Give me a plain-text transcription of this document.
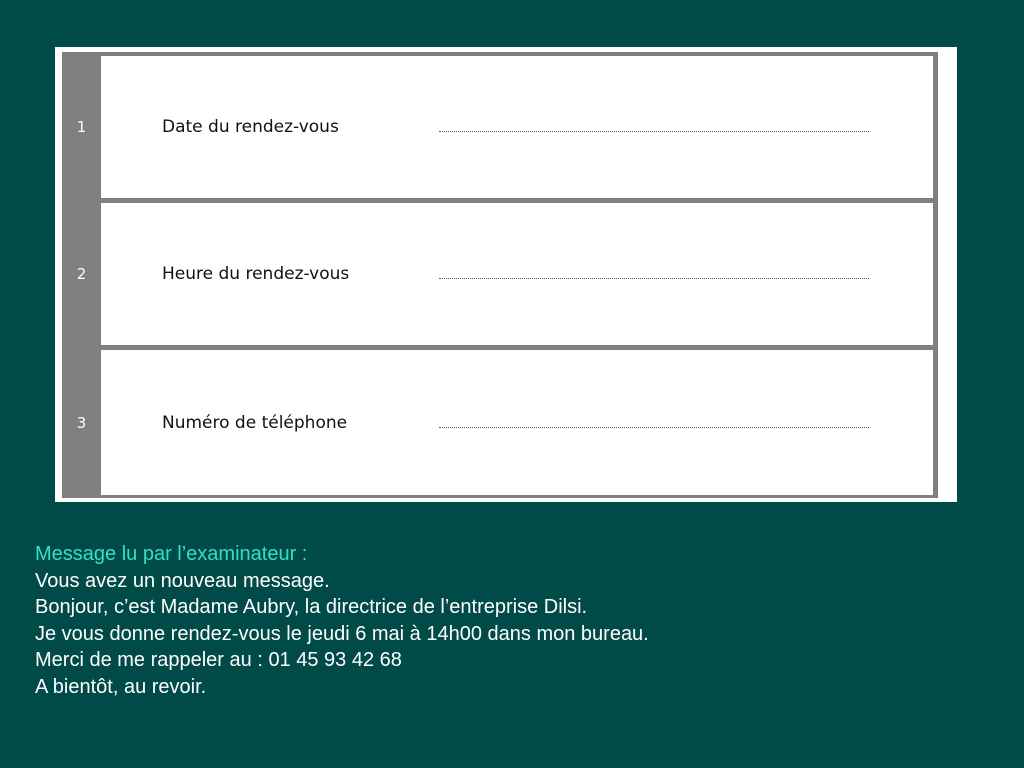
1	Date du rendez-vous
2	Heure du rendez-vous
3	Numéro de téléphone
Message lu par l’examinateur :
Vous avez un nouveau message.
Bonjour, c’est Madame Aubry, la directrice de l’entreprise Dilsi.
Je vous donne rendez-vous le jeudi 6 mai à 14h00 dans mon bureau.
Merci de me rappeler au : 01 45 93 42 68
A bientôt, au revoir.
